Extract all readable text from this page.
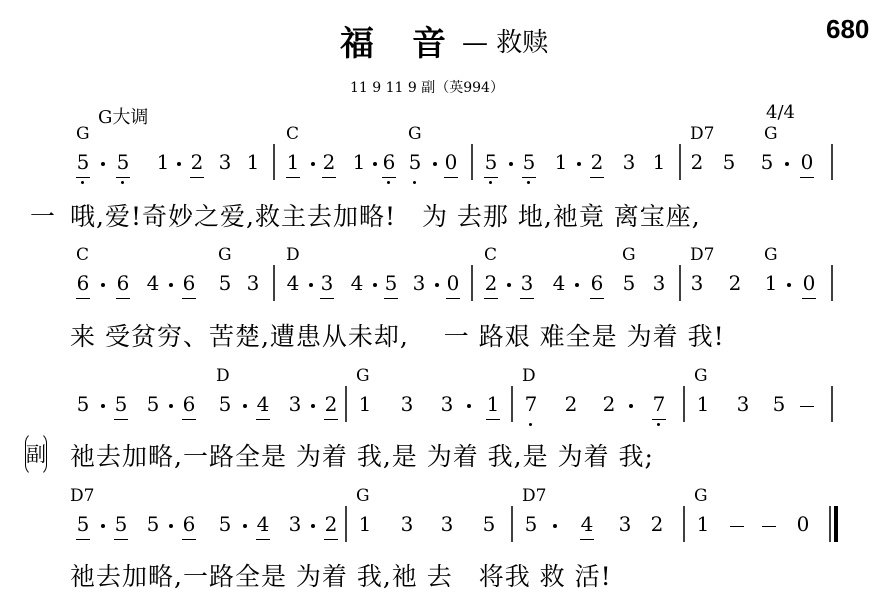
福　音 — 救赎	680
11 9 11 9 副（英994）
G大调	4/4
一
副
G	C	G	D7	G
5 5 1 2 3 1 1 2 1 6 5 0 5 5 1 2 3 1 2 5 5 0
哦,爱!奇妙之爱,救主去加略!　为 去那 地,祂竟 离宝座,
C	G	D	C	G	D7	G
6 6 4 6 5 3 4 3 4 5 3 0 2 3 4 6 5 3 3 2 1 0
来 受贫穷、苦楚,遭患从未却,　 一 路艰 难全是 为着 我!
D	G	D	G
5 5 5 6 5 4 3 2 1 3 3 1 7 2 2 7 1 3 5
祂去加略,一路全是 为着 我,是 为着 我,是 为着 我;
D7	G	D7	G
5 5 5 6 5 4 3 2 1 3 3 5 5 4 3 2 1	0
祂去加略,一路全是 为着 我,祂 去　将我 救 活!
